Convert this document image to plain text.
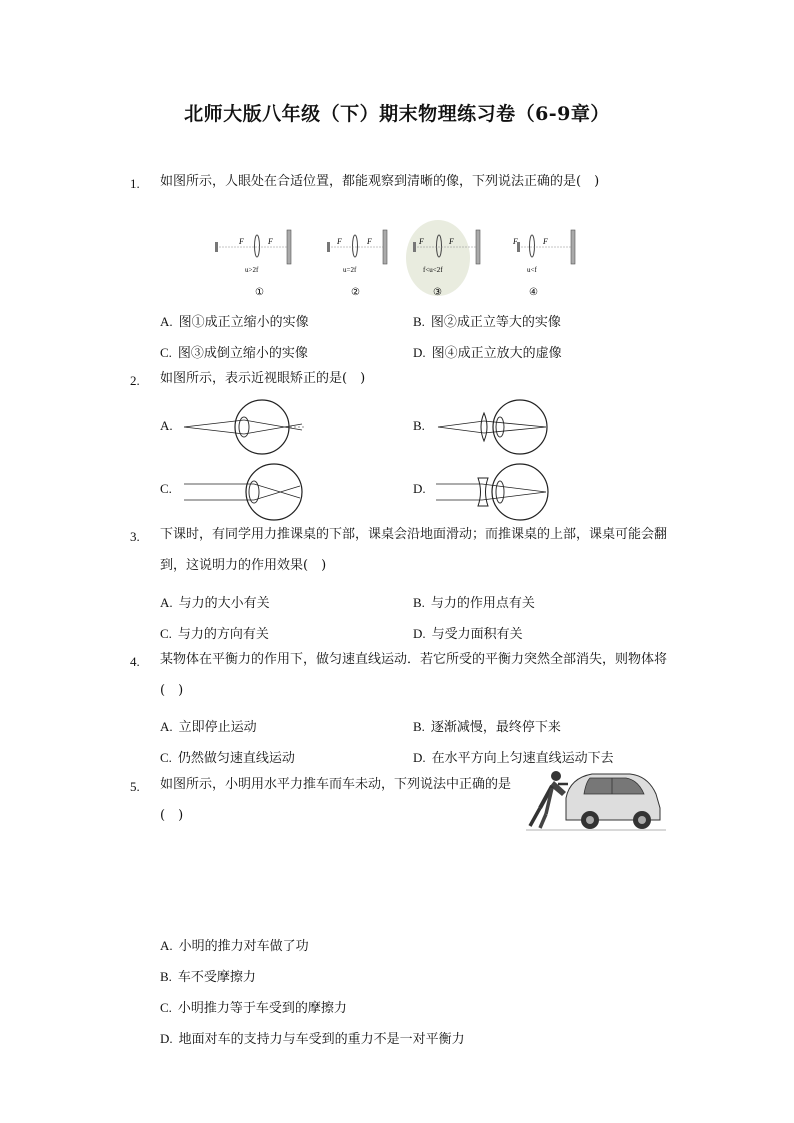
北师大版八年级（下）期末物理练习卷（6-9章）
1. 如图所示，人眼处在合适位置，都能观察到清晰的像，下列说法正确的是(　)
F	F
u>2f
①
F	F
u=2f
②
F	F
f<u<2f
③
F	F
u<f
④
A. 图①成正立缩小的实像	B. 图②成正立等大的实像
C. 图③成倒立缩小的实像	D. 图④成正立放大的虚像
2. 如图所示，表示近视眼矫正的是(　)
A.	B.
C.	D.
3. 下课时，有同学用力推课桌的下部，课桌会沿地面滑动；而推课桌的上部，课桌可能会翻到，这说明力的作用效果(　)
A. 与力的大小有关	B. 与力的作用点有关
C. 与力的方向有关	D. 与受力面积有关
4. 某物体在平衡力的作用下，做匀速直线运动．若它所受的平衡力突然全部消失，则物体将(　)
A. 立即停止运动	B. 逐渐减慢，最终停下来
C. 仍然做匀速直线运动	D. 在水平方向上匀速直线运动下去
5. 如图所示，小明用水平力推车而车未动，下列说法中正确的是(　)
A. 小明的推力对车做了功
B. 车不受摩擦力
C. 小明推力等于车受到的摩擦力
D. 地面对车的支持力与车受到的重力不是一对平衡力
